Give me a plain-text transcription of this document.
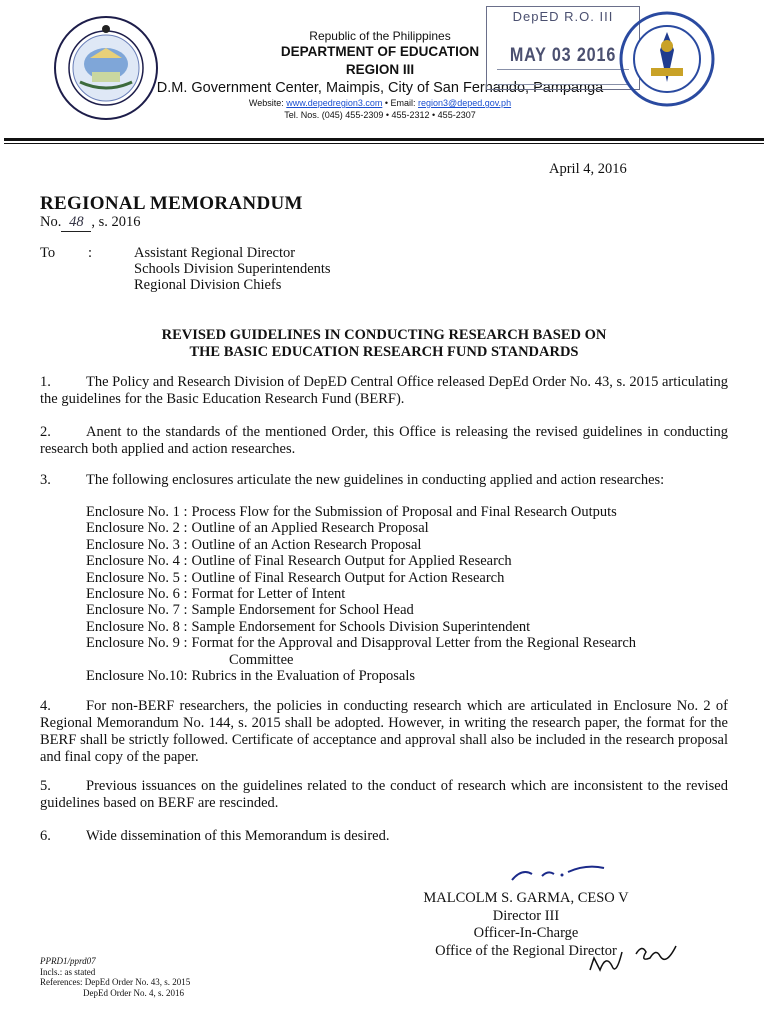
Republic of the Philippines
DEPARTMENT OF EDUCATION
REGION III
D.M. Government Center, Maimpis, City of San Fernando, Pampanga
Website: www.depedregion3.com • Email: region3@deped.gov.ph
Tel. Nos. (045) 455-2309 • 455-2312 • 455-2307
DepED R.O. III
MAY 03 2016
April 4, 2016
REGIONAL MEMORANDUM
No. 48 , s. 2016
To :	Assistant Regional Director
Schools Division Superintendents
Regional Division Chiefs
REVISED GUIDELINES IN CONDUCTING RESEARCH BASED ON
THE BASIC EDUCATION RESEARCH FUND STANDARDS
1. The Policy and Research Division of DepED Central Office released DepEd Order No. 43, s. 2015 articulating the guidelines for the Basic Education Research Fund (BERF).
2. Anent to the standards of the mentioned Order, this Office is releasing the revised guidelines in conducting research both applied and action researches.
3. The following enclosures articulate the new guidelines in conducting applied and action researches:
Enclosure No. 1 : Process Flow for the Submission of Proposal and Final Research Outputs
Enclosure No. 2 : Outline of an Applied Research Proposal
Enclosure No. 3 : Outline of an Action Research Proposal
Enclosure No. 4 : Outline of Final Research Output for Applied Research
Enclosure No. 5 : Outline of Final Research Output for Action Research
Enclosure No. 6 : Format for Letter of Intent
Enclosure No. 7 : Sample Endorsement for School Head
Enclosure No. 8 : Sample Endorsement for Schools Division Superintendent
Enclosure No. 9 : Format for the Approval and Disapproval Letter from the Regional Research
Committee
Enclosure No.10: Rubrics in the Evaluation of Proposals
4. For non-BERF researchers, the policies in conducting research which are articulated in Enclosure No. 2 of Regional Memorandum No. 144, s. 2015 shall be adopted. However, in writing the research paper, the format for the BERF shall be strictly followed. Certificate of acceptance and approval shall also be included in the research proposal and final copy of the paper.
5. Previous issuances on the guidelines related to the conduct of research which are inconsistent to the revised guidelines based on BERF are rescinded.
6. Wide dissemination of this Memorandum is desired.
MALCOLM S. GARMA, CESO V
Director III
Officer-In-Charge
Office of the Regional Director
PPRD1/pprd07
Incls.: as stated
References: DepEd Order No. 43, s. 2015
DepEd Order No. 4, s. 2016
